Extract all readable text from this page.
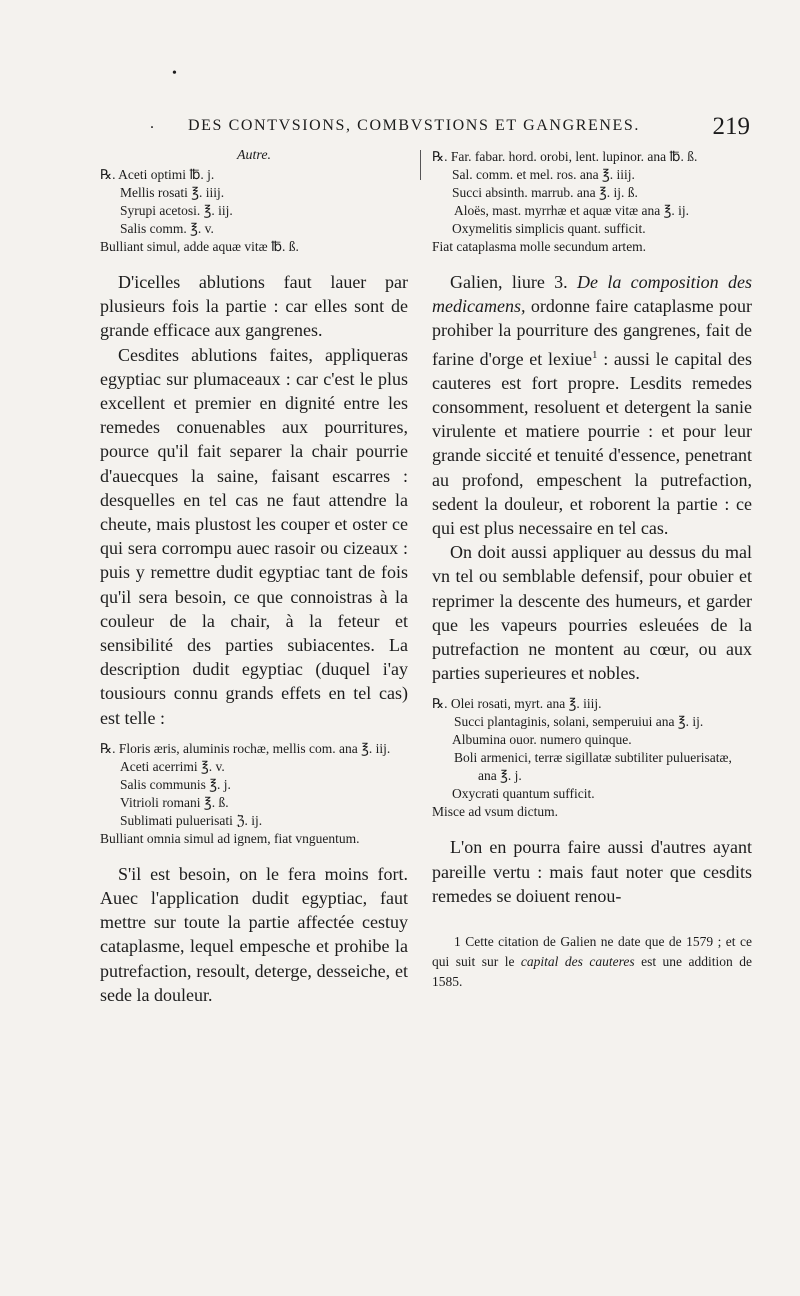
•
. DES CONTVSIONS, COMBVSTIONS ET GANGRENES.	219
Autre.
℞. Aceti optimi ℔. j.
Mellis rosati ℥. iiij.
Syrupi acetosi. ℥. iij.
Salis comm. ℥. v.
Bulliant simul, adde aquæ vitæ ℔. ß.

D'icelles ablutions faut lauer par plusieurs fois la partie : car elles sont de grande efficace aux gangrenes.

Cesdites ablutions faites, appliqueras egyptiac sur plumaceaux : car c'est le plus excellent et premier en dignité entre les remedes conuenables aux pourritures, pource qu'il fait separer la chair pourrie d'auecques la saine, faisant escarres : desquelles en tel cas ne faut attendre la cheute, mais plustost les couper et oster ce qui sera corrompu auec rasoir ou cizeaux : puis y remettre dudit egyptiac tant de fois qu'il sera besoin, ce que connoistras à la couleur de la chair, à la feteur et sensibilité des parties subiacentes. La description dudit egyptiac (duquel i'ay tousiours connu grands effets en tel cas) est telle :

℞. Floris æris, aluminis rochæ, mellis com. ana ℥. iij.
Aceti acerrimi ℥. v.
Salis communis ℥. j.
Vitrioli romani ℥. ß.
Sublimati puluerisati ℨ. ij.
Bulliant omnia simul ad ignem, fiat vnguentum.

S'il est besoin, on le fera moins fort. Auec l'application dudit egyptiac, faut mettre sur toute la partie affectée cestuy cataplasme, lequel empesche et prohibe la putrefaction, resoult, deterge, desseiche, et sede la douleur.

℞. Far. fabar. hord. orobi, lent. lupinor. ana ℔. ß.
Sal. comm. et mel. ros. ana ℥. iiij.
Succi absinth. marrub. ana ℥. ij. ß.
Aloës, mast. myrrhæ et aquæ vitæ ana ℥. ij.
Oxymelitis simplicis quant. sufficit.
Fiat cataplasma molle secundum artem.

Galien, liure 3. De la composition des medicamens, ordonne faire cataplasme pour prohiber la pourriture des gangrenes, fait de farine d'orge et lexiue$^1$ : aussi le capital des cauteres est fort propre. Lesdits remedes consomment, resoluent et detergent la sanie virulente et matiere pourrie : et pour leur grande siccité et tenuité d'essence, penetrant au profond, empeschent la putrefaction, sedent la douleur, et roborent la partie : ce qui est plus necessaire en tel cas.

On doit aussi appliquer au dessus du mal vn tel ou semblable defensif, pour obuier et reprimer la descente des humeurs, et garder que les vapeurs pourries esleuées de la putrefaction ne montent au cœur, ou aux parties superieures et nobles.

℞. Olei rosati, myrt. ana ℥. iiij.
Succi plantaginis, solani, semperuiui ana ℥. ij.
Albumina ouor. numero quinque.
Boli armenici, terræ sigillatæ subtiliter puluerisatæ, ana ℥. j.
Oxycrati quantum sufficit.
Misce ad vsum dictum.

L'on en pourra faire aussi d'autres ayant pareille vertu : mais faut noter que cesdits remedes se doiuent renou-

1 Cette citation de Galien ne date que de 1579 ; et ce qui suit sur le capital des cauteres est une addition de 1585.
